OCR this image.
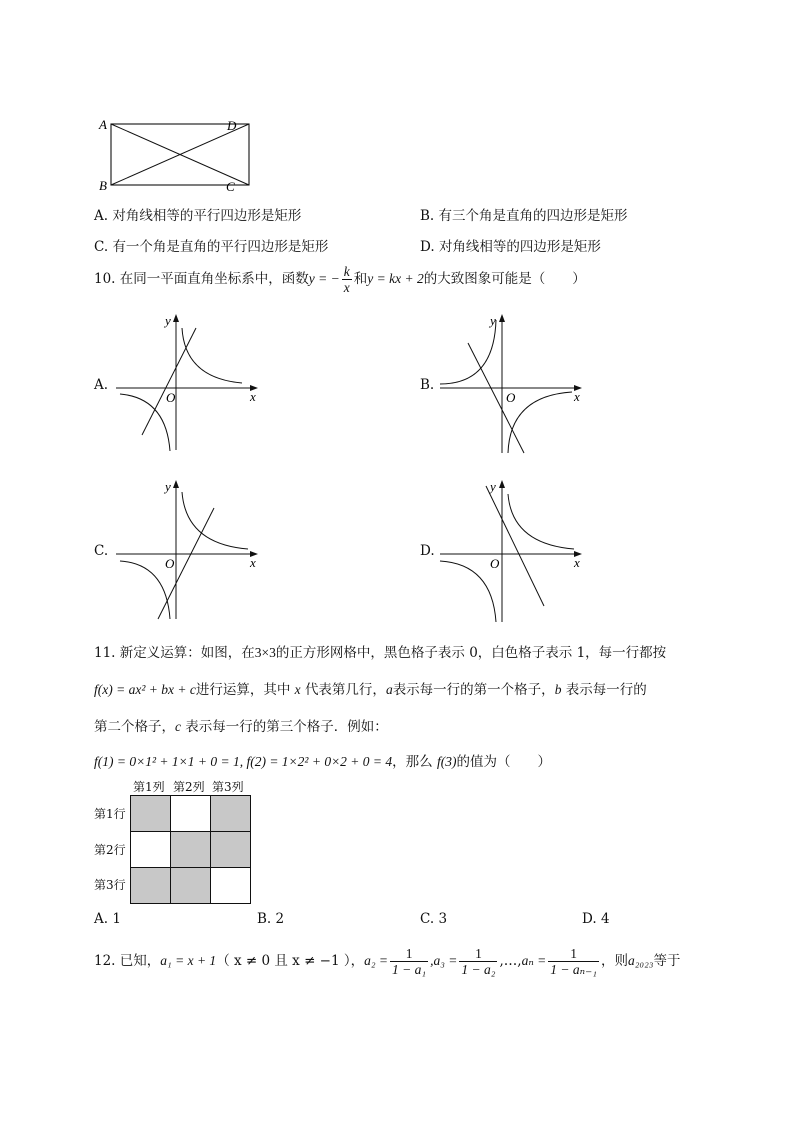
A	D
B	C
A. 对角线相等的平行四边形是矩形	B. 有三个角是直角的四边形是矩形
C. 有一个角是直角的平行四边形是矩形	D. 对角线相等的四边形是矩形
10. 在同一平面直角坐标系中，函数y = − $\frac{k}{x}$ 和y = kx + 2的大致图象可能是（　　）
A.
x
y
O
B.
x
y
O
C.
x
y
O
D.
x
y
O
11. 新定义运算：如图，在3×3的正方形网格中，黑色格子表示 0，白色格子表示 1，每一行都按
f(x) = ax² + bx + c进行运算，其中 x 代表第几行，a表示每一行的第一个格子，b 表示每一行的
第二个格子，c 表示每一行的第三个格子．例如：
f(1) = 0×1² + 1×1 + 0 = 1, f(2) = 1×2² + 0×2 + 0 = 4，那么 f(3)的值为（　　）
第1列 第2列 第3列
第1行
第2行
第3行

A. 1	B. 2	C. 3	D. 4
12. 已知，a₁ = x + 1（ x ≠ 0 且 x ≠ −1 ），$a_2 = \frac{1}{\text{1 − a₁}} ,a_3 = \frac{1}{\text{1 − a₂}}$ ,…,aₙ = $\frac{1}{\text{1 − aₙ₋₁}}$ ，则a₂₀₂₃等于
